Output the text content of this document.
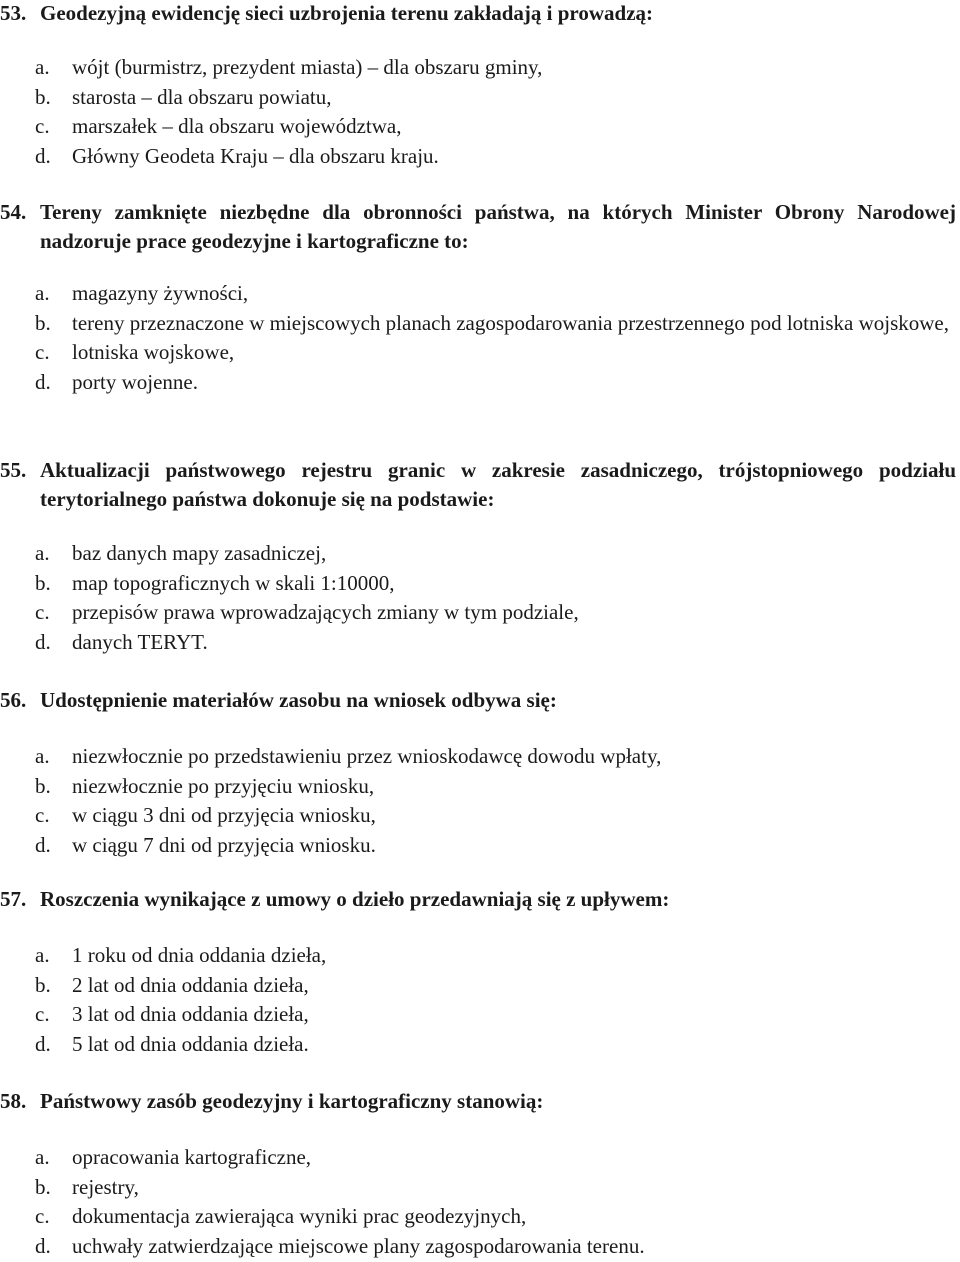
53. Geodezyjną ewidencję sieci uzbrojenia terenu zakładają i prowadzą:
a.	wójt (burmistrz, prezydent miasta) – dla obszaru gminy,
b.	starosta – dla obszaru powiatu,
c.	marszałek – dla obszaru województwa,
d.	Główny Geodeta Kraju – dla obszaru kraju.
54. Tereny zamknięte niezbędne dla obronności państwa, na których Minister Obrony Narodowej nadzoruje prace geodezyjne i kartograficzne to:
a.	magazyny żywności,
b.	tereny przeznaczone w miejscowych planach zagospodarowania przestrzennego pod lotniska wojskowe,
c.	lotniska wojskowe,
d.	porty wojenne.
55. Aktualizacji państwowego rejestru granic w zakresie zasadniczego, trójstopniowego podziału terytorialnego państwa dokonuje się na podstawie:
a.	baz danych mapy zasadniczej,
b.	map topograficznych w skali 1:10000,
c.	przepisów prawa wprowadzających zmiany w tym podziale,
d.	danych TERYT.
56. Udostępnienie materiałów zasobu na wniosek odbywa się:
a.	niezwłocznie po przedstawieniu przez wnioskodawcę dowodu wpłaty,
b.	niezwłocznie po przyjęciu wniosku,
c.	w ciągu 3 dni od przyjęcia wniosku,
d.	w ciągu 7 dni od przyjęcia wniosku.
57. Roszczenia wynikające z umowy o dzieło przedawniają się z upływem:
a.	1 roku od dnia oddania dzieła,
b.	2 lat od dnia oddania dzieła,
c.	3 lat od dnia oddania dzieła,
d.	5 lat od dnia oddania dzieła.
58. Państwowy zasób geodezyjny i kartograficzny stanowią:
a.	opracowania kartograficzne,
b.	rejestry,
c.	dokumentacja zawierająca wyniki prac geodezyjnych,
d.	uchwały zatwierdzające miejscowe plany zagospodarowania terenu.
